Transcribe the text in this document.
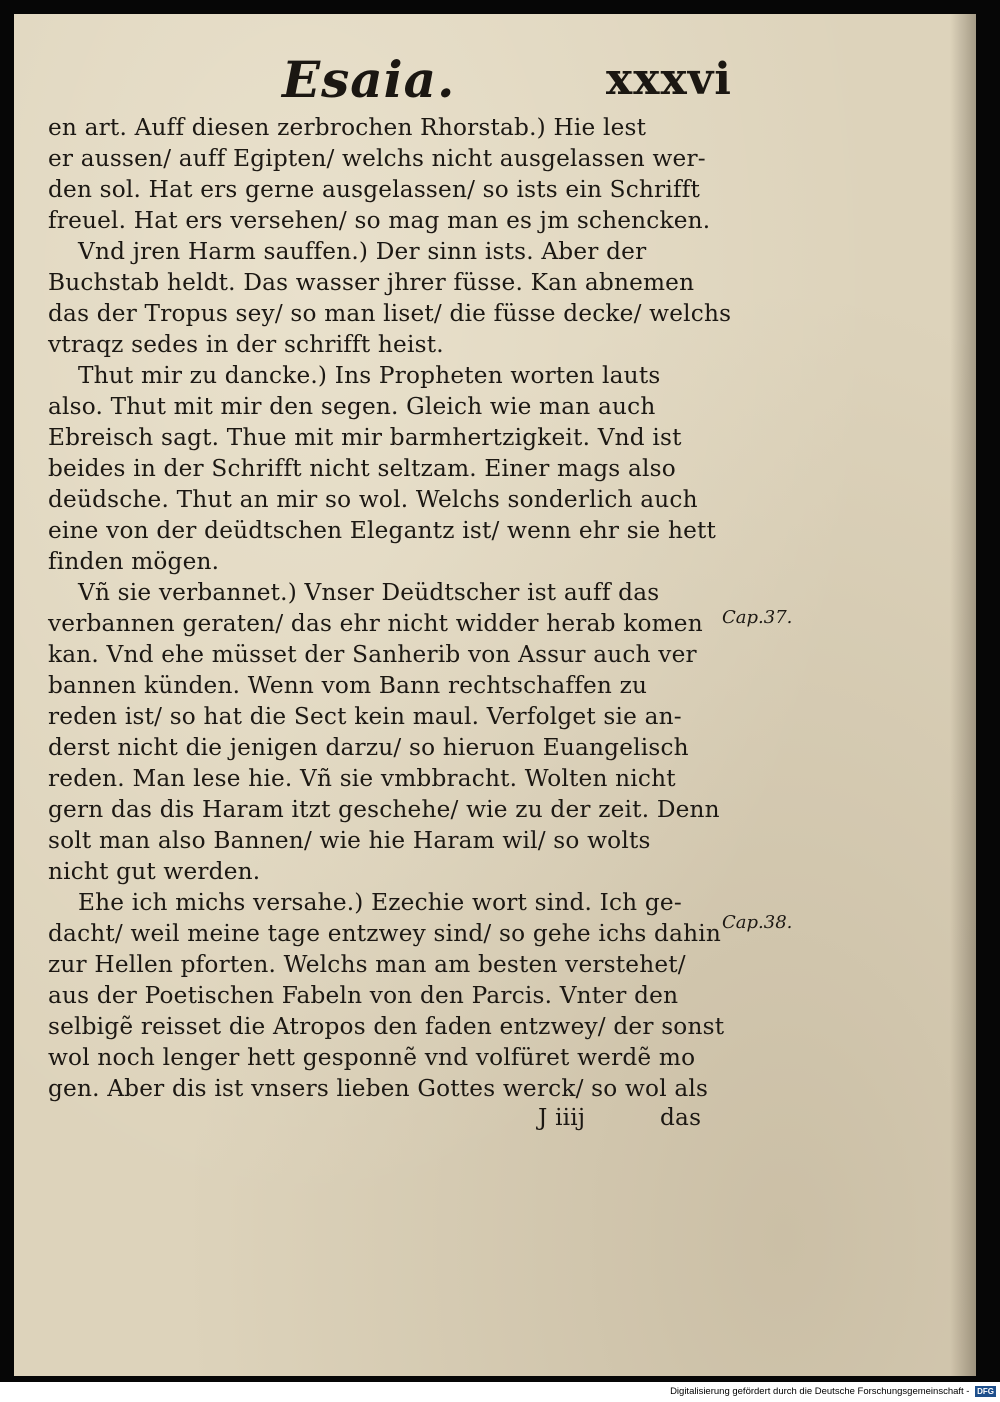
Esaia.	xxxvi
en art. Auff diesen zerbrochen Rhorstab.) Hie lest
er aussen/ auff Egipten/ welchs nicht ausgelassen wer-
den sol. Hat ers gerne ausgelassen/ so ists ein Schrifft
freuel. Hat ers versehen/ so mag man es jm schencken.
Vnd jren Harm sauffen.) Der sinn ists. Aber der
Buchstab heldt. Das wasser jhrer füsse. Kan abnemen
das der Tropus sey/ so man liset/ die füsse decke/ welchs
vtraqz sedes in der schrifft heist.
Thut mir zu dancke.) Ins Propheten worten lauts
also. Thut mit mir den segen. Gleich wie man auch
Ebreisch sagt. Thue mit mir barmhertzigkeit. Vnd ist
beides in der Schrifft nicht seltzam. Einer mags also
deüdsche. Thut an mir so wol. Welchs sonderlich auch
eine von der deüdtschen Elegantz ist/ wenn ehr sie hett
finden mögen.
Vñ sie verbannet.) Vnser Deüdtscher ist auff das
verbannen geraten/ das ehr nicht widder herab komen
kan. Vnd ehe müsset der Sanherib von Assur auch ver
bannen künden. Wenn vom Bann rechtschaffen zu
reden ist/ so hat die Sect kein maul. Verfolget sie an-
derst nicht die jenigen darzu/ so hieruon Euangelisch
reden. Man lese hie. Vñ sie vmbbracht. Wolten nicht
gern das dis Haram itzt geschehe/ wie zu der zeit. Denn
solt man also Bannen/ wie hie Haram wil/ so wolts
nicht gut werden.
Ehe ich michs versahe.) Ezechie wort sind. Ich ge-
dacht/ weil meine tage entzwey sind/ so gehe ichs dahin
zur Hellen pforten. Welchs man am besten verstehet/
aus der Poetischen Fabeln von den Parcis. Vnter den
selbigẽ reisset die Atropos den faden entzwey/ der sonst
wol noch lenger hett gesponnẽ vnd volfüret werdẽ mo
gen. Aber dis ist vnsers lieben Gottes werck/ so wol als
J iiij	das
Cap.37.
Cap.38.
Digitalisierung gefördert durch die Deutsche Forschungsgemeinschaft - DFG
